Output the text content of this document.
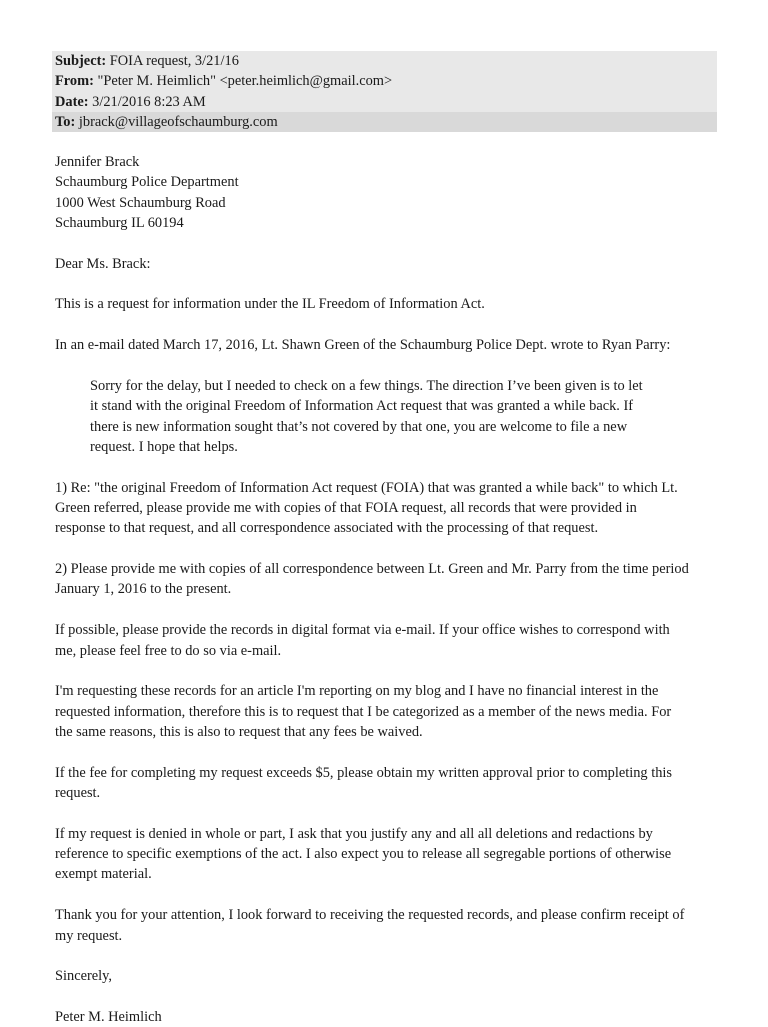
Subject: FOIA request, 3/21/16
From: "Peter M. Heimlich" <peter.heimlich@gmail.com>
Date: 3/21/2016 8:23 AM
To: jbrack@villageofschaumburg.com
Jennifer Brack
Schaumburg Police Department
1000 West Schaumburg Road
Schaumburg IL 60194
Dear Ms. Brack:
This is a request for information under the IL Freedom of Information Act.
In an e-mail dated March 17, 2016, Lt. Shawn Green of the Schaumburg Police Dept. wrote to Ryan Parry:
Sorry for the delay, but I needed to check on a few things. The direction I’ve been given is to let
it stand with the original Freedom of Information Act request that was granted a while back. If
there is new information sought that’s not covered by that one, you are welcome to file a new
request. I hope that helps.
1) Re: "the original Freedom of Information Act request (FOIA) that was granted a while back" to which Lt.
Green referred, please provide me with copies of that FOIA request, all records that were provided in
response to that request, and all correspondence associated with the processing of that request.
2) Please provide me with copies of all correspondence between Lt. Green and Mr. Parry from the time period
January 1, 2016 to the present.
If possible, please provide the records in digital format via e-mail. If your office wishes to correspond with
me, please feel free to do so via e-mail.
I'm requesting these records for an article I'm reporting on my blog and I have no financial interest in the
requested information, therefore this is to request that I be categorized as a member of the news media. For
the same reasons, this is also to request that any fees be waived.
If the fee for completing my request exceeds $5, please obtain my written approval prior to completing this
request.
If my request is denied in whole or part, I ask that you justify any and all all deletions and redactions by
reference to specific exemptions of the act. I also expect you to release all segregable portions of otherwise
exempt material.
Thank you for your attention, I look forward to receiving the requested records, and please confirm receipt of
my request.
Sincerely,
Peter M. Heimlich
